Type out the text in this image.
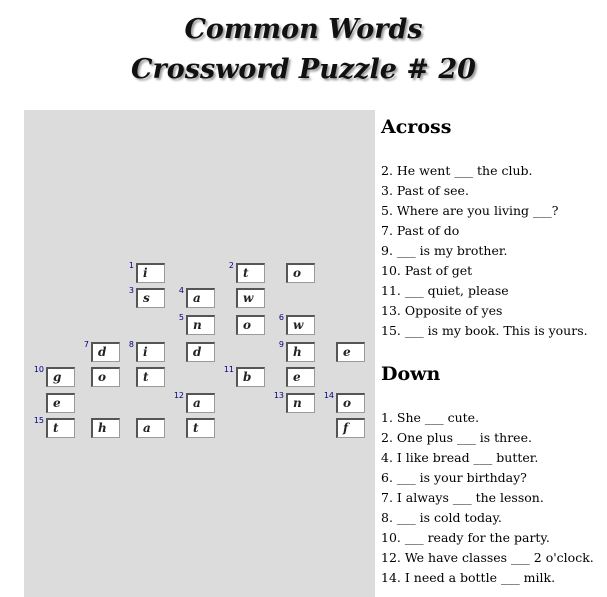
Common Words
Crossword Puzzle # 20
i
1
t
2
o
s
3
a
4
w
n
5
o	w
6
d
7
i
8
d	h
9
e
g
10
o	t	b
11
e
e	a
12
n
13
o
14
t
15
h	a	t	f
Across
2. He went ___ the club.
3. Past of see.
5. Where are you living ___?
7. Past of do
9. ___ is my brother.
10. Past of get
11. ___ quiet, please
13. Opposite of yes
15. ___ is my book. This is yours.
Down
1. She ___ cute.
2. One plus ___ is three.
4. I like bread ___ butter.
6. ___ is your birthday?
7. I always ___ the lesson.
8. ___ is cold today.
10. ___ ready for the party.
12. We have classes ___ 2 o'clock.
14. I need a bottle ___ milk.
